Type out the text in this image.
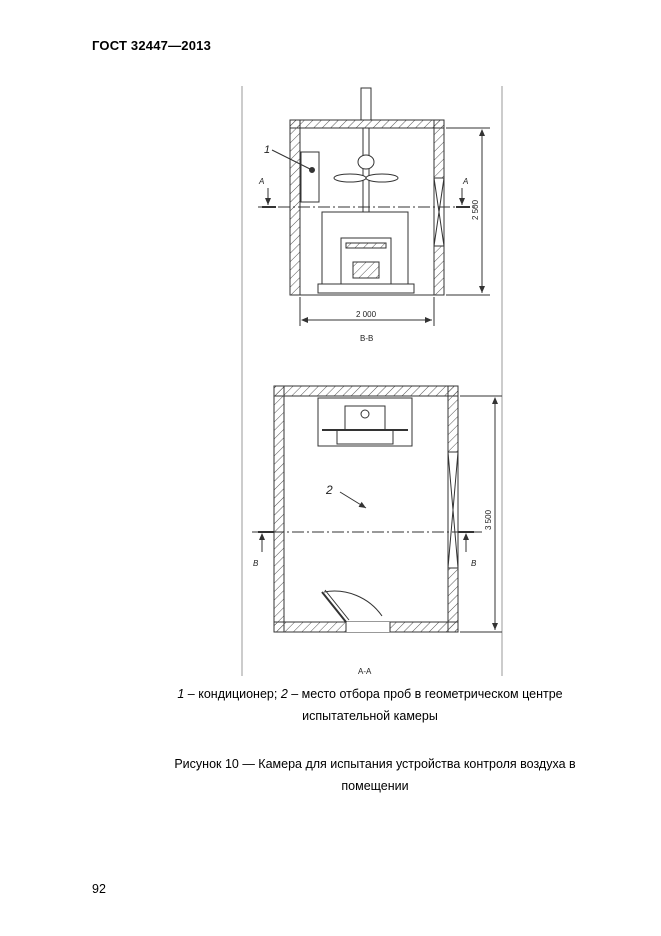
ГОСТ 32447—2013
1
А	А
2 500
2 000
В-В
2
В	В
3 500
А-А
1 – кондиционер; 2 – место отбора проб в геометрическом центре
испытательной камеры
Рисунок 10 — Камера для испытания устройства контроля воздуха в
помещении
92
